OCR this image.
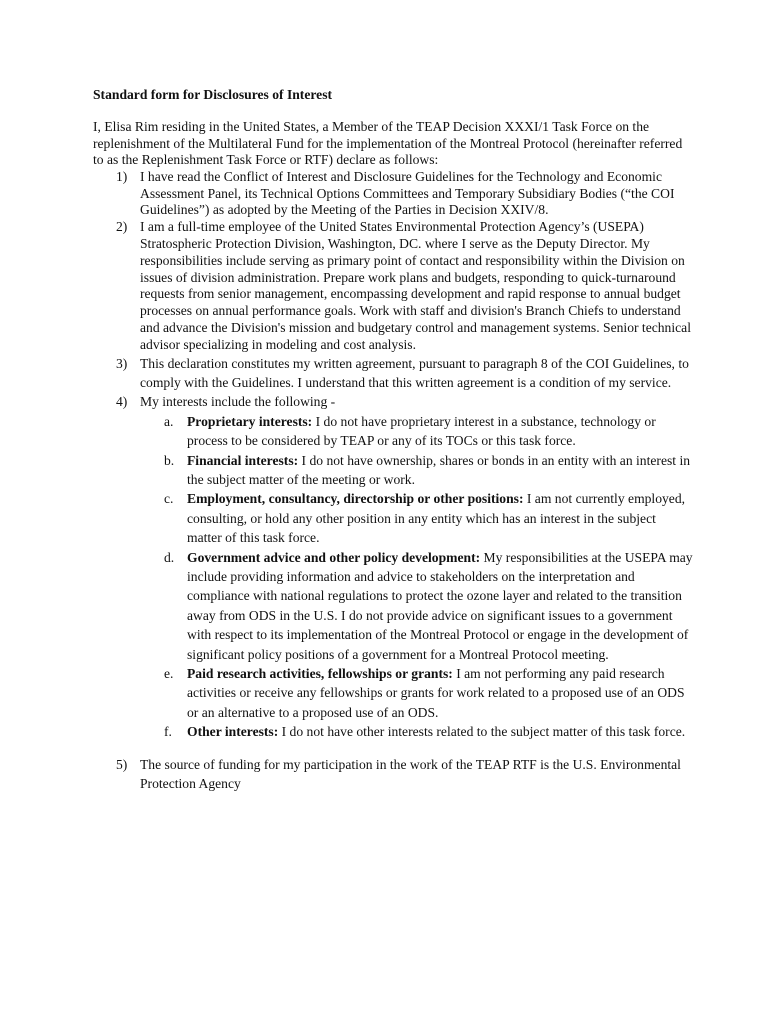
Standard form for Disclosures of Interest

I, Elisa Rim residing in the United States, a Member of the TEAP Decision XXXI/1 Task Force on the replenishment of the Multilateral Fund for the implementation of the Montreal Protocol (hereinafter referred to as the Replenishment Task Force or RTF) declare as follows:

1) I have read the Conflict of Interest and Disclosure Guidelines for the Technology and Economic Assessment Panel, its Technical Options Committees and Temporary Subsidiary Bodies (“the COI Guidelines”) as adopted by the Meeting of the Parties in Decision XXIV/8.
2) I am a full-time employee of the United States Environmental Protection Agency’s (USEPA) Stratospheric Protection Division, Washington, DC. where I serve as the Deputy Director. My responsibilities include serving as primary point of contact and responsibility within the Division on issues of division administration. Prepare work plans and budgets, responding to quick-turnaround requests from senior management, encompassing development and rapid response to annual budget processes on annual performance goals. Work with staff and division's Branch Chiefs to understand and advance the Division's mission and budgetary control and management systems. Senior technical advisor specializing in modeling and cost analysis.
3) This declaration constitutes my written agreement, pursuant to paragraph 8 of the COI Guidelines, to comply with the Guidelines. I understand that this written agreement is a condition of my service.
4) My interests include the following -
a. Proprietary interests: I do not have proprietary interest in a substance, technology or process to be considered by TEAP or any of its TOCs or this task force.
b. Financial interests: I do not have ownership, shares or bonds in an entity with an interest in the subject matter of the meeting or work.
c. Employment, consultancy, directorship or other positions: I am not currently employed, consulting, or hold any other position in any entity which has an interest in the subject matter of this task force.
d. Government advice and other policy development: My responsibilities at the USEPA may include providing information and advice to stakeholders on the interpretation and compliance with national regulations to protect the ozone layer and related to the transition away from ODS in the U.S. I do not provide advice on significant issues to a government with respect to its implementation of the Montreal Protocol or engage in the development of significant policy positions of a government for a Montreal Protocol meeting.
e. Paid research activities, fellowships or grants: I am not performing any paid research activities or receive any fellowships or grants for work related to a proposed use of an ODS or an alternative to a proposed use of an ODS.
f. Other interests: I do not have other interests related to the subject matter of this task force.
5) The source of funding for my participation in the work of the TEAP RTF is the U.S. Environmental Protection Agency
